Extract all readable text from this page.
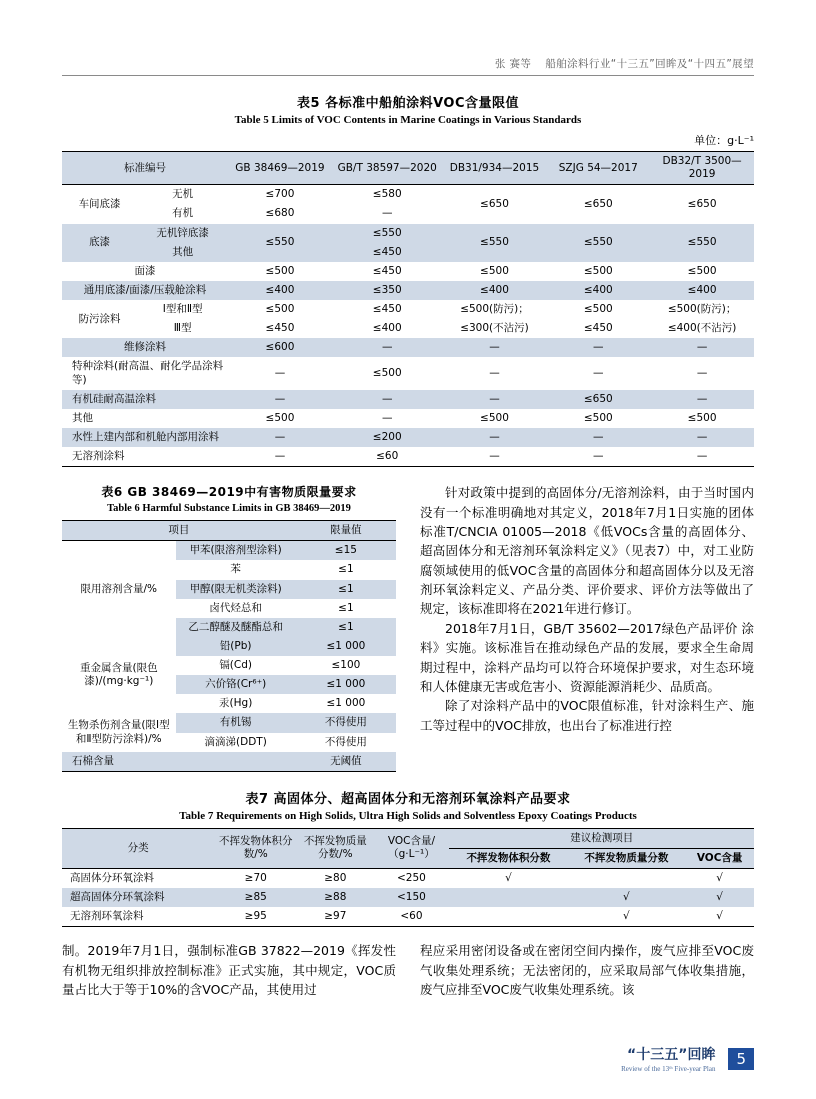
张 赛等 船舶涂料行业“十三五”回眸及“十四五”展望
表5 各标准中船舶涂料VOC含量限值
Table 5 Limits of VOC Contents in Marine Coatings in Various Standards
单位：g·L⁻¹
标准编号		GB 38469—2019	GB/T 38597—2020	DB31/934—2015	SZJG 54—2017	DB32/T 3500—2019
车间底漆	无机	≤700	≤580	≤650	≤650	≤650
	有机	≤680	—			
底漆	无机锌底漆	≤550	≤550	≤550	≤550	≤550
	其他		≤450			
面漆		≤500	≤450	≤500	≤500	≤500
通用底漆/面漆/压载舱涂料		≤400	≤350	≤400	≤400	≤400
防污涂料	Ⅰ型和Ⅱ型	≤500	≤450	≤500(防污)；	≤500	≤500(防污)；
	Ⅲ型	≤450	≤400	≤300(不沾污)	≤450	≤400(不沾污)
维修涂料		≤600	—	—	—	—
特种涂料(耐高温、耐化学品涂料等)		—	≤500	—	—	—
有机硅耐高温涂料		—	—	—	≤650	—
其他		≤500	—	≤500	≤500	≤500
水性上建内部和机舱内部用涂料		—	≤200	—	—	—
无溶剂涂料		—	≤60	—	—	—
表6 GB 38469—2019中有害物质限量要求
Table 6 Harmful Substance Limits in GB 38469—2019
项目		限量值
限用溶剂含量/%	甲苯(限溶剂型涂料)	≤15
	苯	≤1
	甲醇(限无机类涂料)	≤1
	卤代烃总和	≤1
	乙二醇醚及醚酯总和	≤1
重金属含量(限色漆)/(mg·kg⁻¹)	铅(Pb)	≤1 000
	镉(Cd)	≤100
	六价铬(Cr⁶⁺)	≤1 000
	汞(Hg)	≤1 000
生物杀伤剂含量(限Ⅰ型和Ⅱ型防污涂料)/%	有机锡	不得使用
	滴滴涕(DDT)	不得使用
石棉含量		无阈值

针对政策中提到的高固体分/无溶剂涂料，由于当时国内没有一个标准明确地对其定义，2018年7月1日实施的团体标准T/CNCIA 01005—2018《低VOCs含量的高固体分、超高固体分和无溶剂环氧涂料定义》（见表7）中，对工业防腐领域使用的低VOC含量的高固体分和超高固体分以及无溶剂环氧涂料定义、产品分类、评价要求、评价方法等做出了规定，该标准即将在2021年进行修订。

2018年7月1日，GB/T 35602—2017绿色产品评价 涂料》实施。该标准旨在推动绿色产品的发展，要求全生命周期过程中，涂料产品均可以符合环境保护要求，对生态环境和人体健康无害或危害小、资源能源消耗少、品质高。

除了对涂料产品中的VOC限值标准，针对涂料生产、施工等过程中的VOC排放，也出台了标准进行控

表7 高固体分、超高固体分和无溶剂环氧涂料产品要求
Table 7 Requirements on High Solids, Ultra High Solids and Solventless Epoxy Coatings Products
分类	不挥发物体积分数/%	不挥发物质量分数/%	VOC含量/（g·L⁻¹）	建议检测项目		
				不挥发物体积分数	不挥发物质量分数	VOC含量
高固体分环氧涂料	≥70	≥80	<250	√		√
超高固体分环氧涂料	≥85	≥88	<150		√	√
无溶剂环氧涂料	≥95	≥97	<60		√	√

制。2019年7月1日，强制标准GB 37822—2019《挥发性有机物无组织排放控制标准》正式实施，其中规定，VOC质量占比大于等于10%的含VOC产品，其使用过

程应采用密闭设备或在密闭空间内操作，废气应排至VOC废气收集处理系统；无法密闭的，应采取局部气体收集措施，废气应排至VOC废气收集处理系统。该

“十三五”回眸
Review of the 13ᵗʰ Five-year Plan
5
